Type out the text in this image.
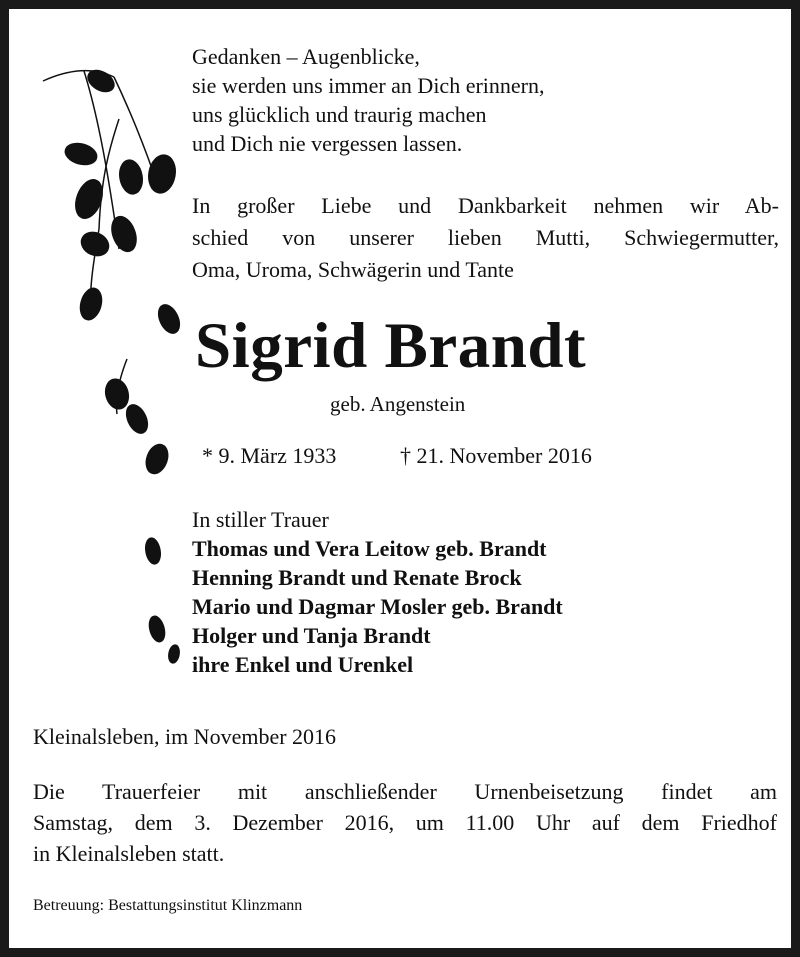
Gedanken – Augenblicke,
sie werden uns immer an Dich erinnern,
uns glücklich und traurig machen
und Dich nie vergessen lassen.
In großer Liebe und Dankbarkeit nehmen wir Ab-
schied von unserer lieben Mutti, Schwiegermutter,
Oma, Uroma, Schwägerin und Tante
Sigrid Brandt
geb. Angenstein
* 9. März 1933	† 21. November 2016
In stiller Trauer
Thomas und Vera Leitow geb. Brandt
Henning Brandt und Renate Brock
Mario und Dagmar Mosler geb. Brandt
Holger und Tanja Brandt
ihre Enkel und Urenkel
Kleinalsleben, im November 2016
Die Trauerfeier mit anschließender Urnenbeisetzung findet am
Samstag, dem 3. Dezember 2016, um 11.00 Uhr auf dem Friedhof
in Kleinalsleben statt.
Betreuung: Bestattungsinstitut Klinzmann
